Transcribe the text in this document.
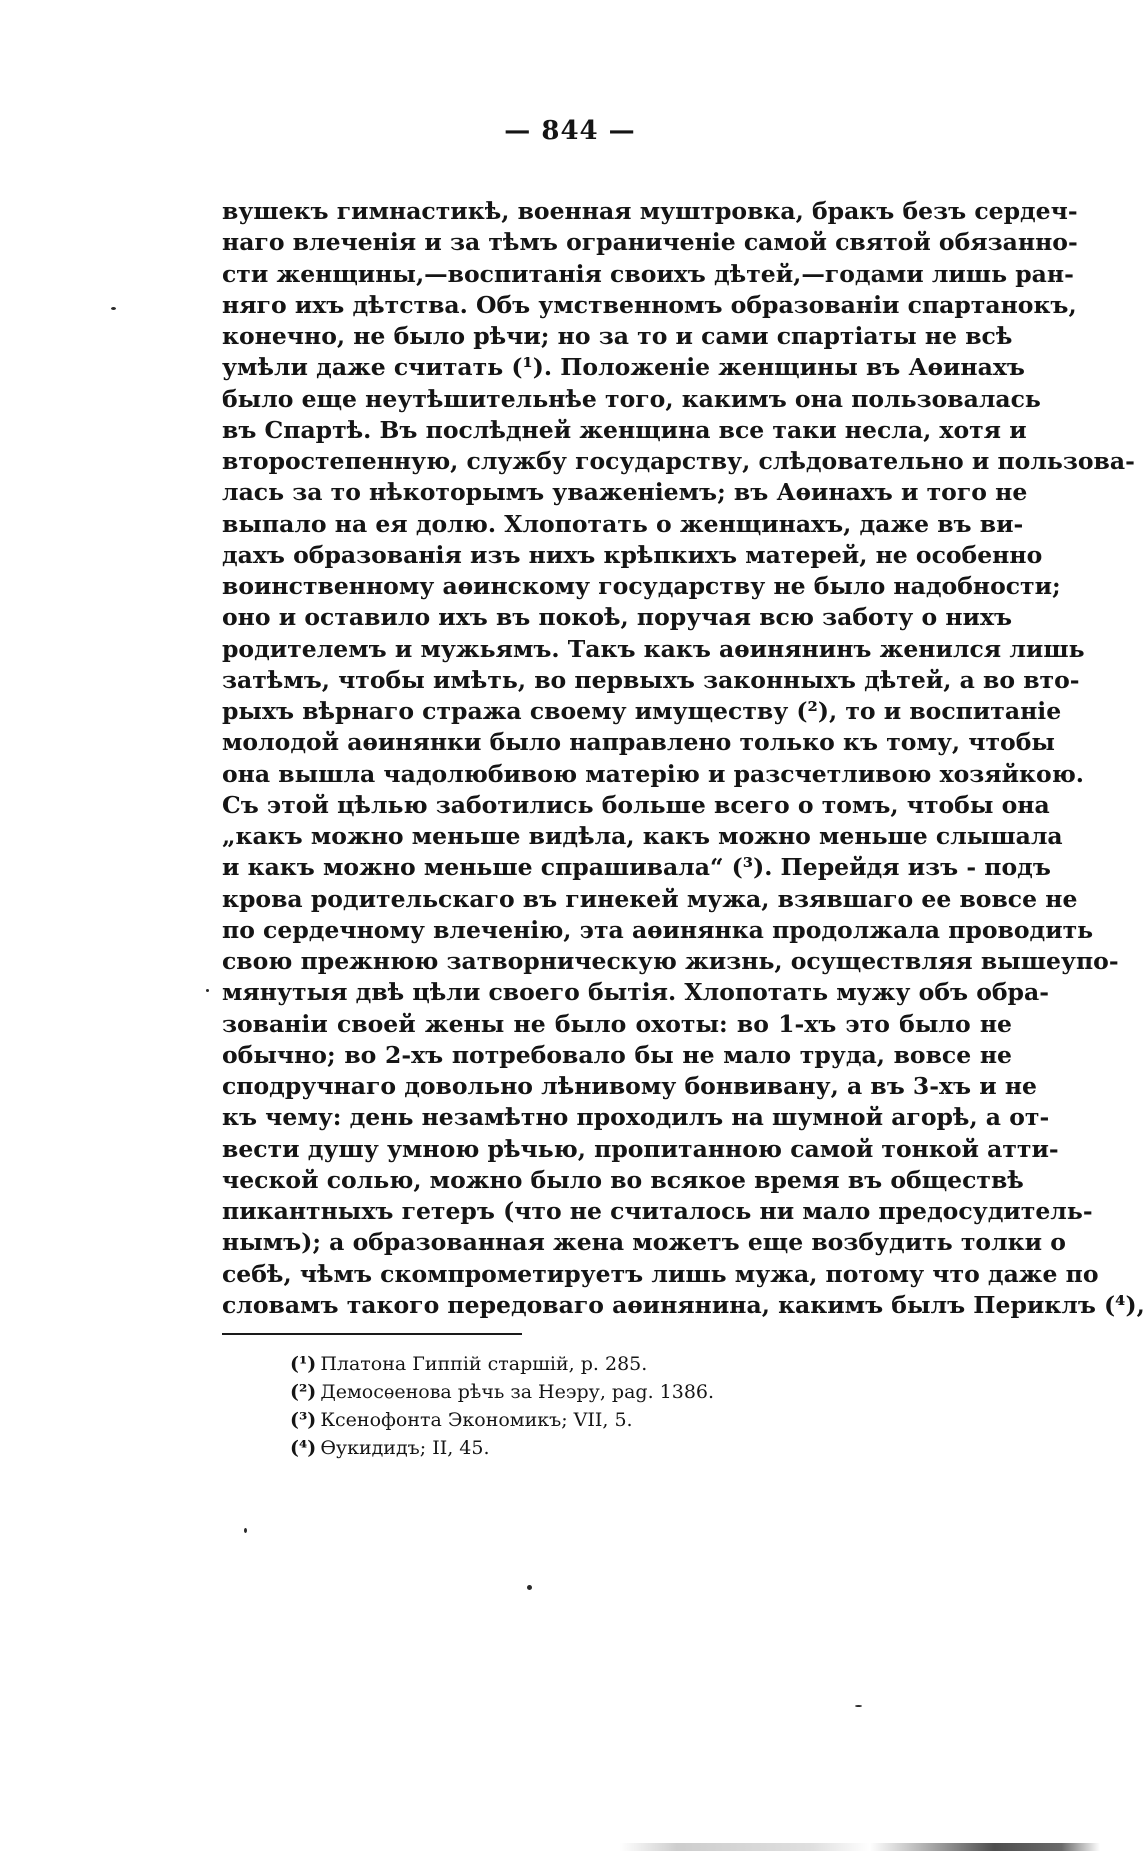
— 844 —
вушекъ гимнастикѣ, военная муштровка, бракъ безъ сердеч-
наго влеченія и за тѣмъ ограниченіе самой святой обязанно-
сти женщины,—воспитанія своихъ дѣтей,—годами лишь ран-
няго ихъ дѣтства. Объ умственномъ образованіи спартанокъ,
конечно, не было рѣчи; но за то и сами спартіаты не всѣ
умѣли даже считать (¹). Положеніе женщины въ Аѳинахъ
было еще неутѣшительнѣе того, какимъ она пользовалась
въ Спартѣ. Въ послѣдней женщина все таки несла, хотя и
второстепенную, службу государству, слѣдовательно и пользова-
лась за то нѣкоторымъ уваженіемъ; въ Аѳинахъ и того не
выпало на ея долю. Хлопотать о женщинахъ, даже въ ви-
дахъ образованія изъ нихъ крѣпкихъ матерей, не особенно
воинственному аѳинскому государству не было надобности;
оно и оставило ихъ въ покоѣ, поручая всю заботу о нихъ
родителемъ и мужьямъ. Такъ какъ аѳинянинъ женился лишь
затѣмъ, чтобы имѣть, во первыхъ законныхъ дѣтей, а во вто-
рыхъ вѣрнаго стража своему имуществу (²), то и воспитаніе
молодой аѳинянки было направлено только къ тому, чтобы
она вышла чадолюбивою матерію и разсчетливою хозяйкою.
Съ этой цѣлью заботились больше всего о томъ, чтобы она
„какъ можно меньше видѣла, какъ можно меньше слышала
и какъ можно меньше спрашивала“ (³). Перейдя изъ - подъ
крова родительскаго въ гинекей мужа, взявшаго ее вовсе не
по сердечному влеченію, эта аѳинянка продолжала проводить
свою прежнюю затворническую жизнь, осуществляя вышеупо-
мянутыя двѣ цѣли своего бытія. Хлопотать мужу объ обра-
зованіи своей жены не было охоты: во 1-хъ это было не
обычно; во 2-хъ потребовало бы не мало труда, вовсе не
сподручнаго довольно лѣнивому бонвивану, а въ 3-хъ и не
къ чему: день незамѣтно проходилъ на шумной агорѣ, а от-
вести душу умною рѣчью, пропитанною самой тонкой атти-
ческой солью, можно было во всякое время въ обществѣ
пикантныхъ гетеръ (что не считалось ни мало предосудитель-
нымъ); а образованная жена можетъ еще возбудить толки о
себѣ, чѣмъ скомпрометируетъ лишь мужа, потому что даже по
словамъ такого передоваго аѳинянина, какимъ былъ Периклъ (⁴),
(¹) Платона Гиппій старшій, p. 285.
(²) Демосѳенова рѣчь за Неэру, pag. 1386.
(³) Ксенофонта Экономикъ; VII, 5.
(⁴) Ѳукидидъ; II, 45.
